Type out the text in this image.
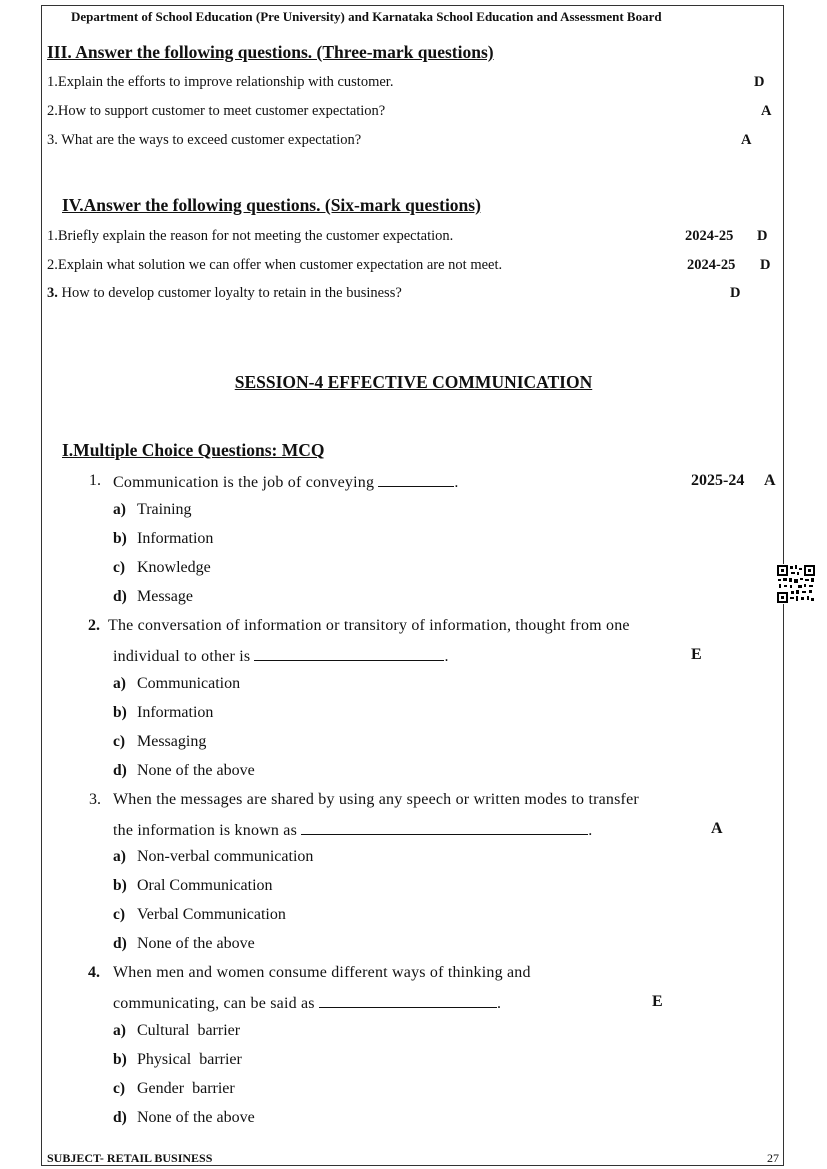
Department of School Education (Pre University) and Karnataka School Education and Assessment Board
III. Answer the following questions. (Three-mark questions)
1.Explain the efforts to improve relationship with customer.	D
2.How to support customer to meet customer expectation?	A
3. What are the ways to exceed customer expectation?	A
IV.Answer the following questions. (Six-mark questions)
1.Briefly explain the reason for not meeting the customer expectation.	2024-25 D
2.Explain what solution we can offer when customer expectation are not meet.	2024-25 D
3. How to develop customer loyalty to retain in the business?	D
SESSION-4 EFFECTIVE COMMUNICATION
I.Multiple Choice Questions: MCQ
1. Communication is the job of conveying	.	2025-24 A
a) Training
b) Information
c) Knowledge
d) Message
2. The conversation of information or transitory of information, thought from one
individual to other is	.	E
a) Communication
b) Information
c) Messaging
d) None of the above
3. When the messages are shared by using any speech or written modes to transfer
the information is known as	.	A
a) Non-verbal communication
b) Oral Communication
c) Verbal Communication
d) None of the above
4. When men and women consume different ways of thinking and
communicating, can be said as	.	E
a) Cultural  barrier
b) Physical  barrier
c) Gender  barrier
d) None of the above
SUBJECT- RETAIL BUSINESS	27
